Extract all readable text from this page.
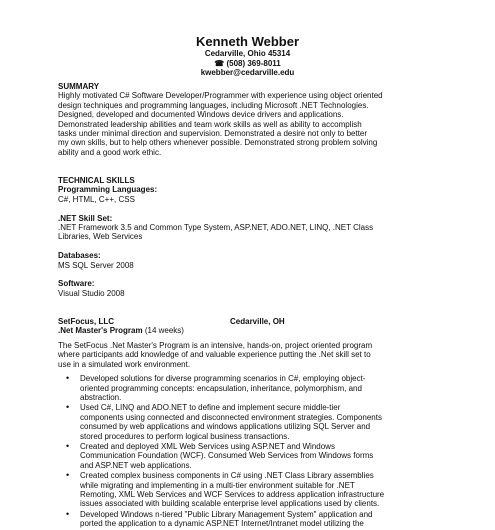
Kenneth Webber
Cedarville, Ohio 45314
☎ (508) 369-8011
kwebber@cedarville.edu
SUMMARY
Highly motivated C# Software Developer/Programmer with experience using object oriented
design techniques and programming languages, including Microsoft .NET Technologies.
Designed, developed and documented Windows device drivers and applications.
Demonstrated leadership abilities and team work skills as well as ability to accomplish
tasks under minimal direction and supervision. Demonstrated a desire not only to better
my own skills, but to help others whenever possible. Demonstrated strong problem solving
ability and a good work ethic.
TECHNICAL SKILLS
Programming Languages:
C#, HTML, C++, CSS
.NET Skill Set:
.NET Framework 3.5 and Common Type System, ASP.NET, ADO.NET, LINQ, .NET Class
Libraries, Web Services
Databases:
MS SQL Server 2008
Software:
Visual Studio 2008
SetFocus, LLC	Cedarville, OH
.Net Master's Program (14 weeks)
The SetFocus .Net Master's Program is an intensive, hands-on, project oriented program
where participants add knowledge of and valuable experience putting the .Net skill set to
use in a simulated work environment.
• Developed solutions for diverse programming scenarios in C#, employing object-
oriented programming concepts: encapsulation, inheritance, polymorphism, and
abstraction.
• Used C#, LINQ and ADO.NET to define and implement secure middle-tier
components using connected and disconnected environment strategies. Components
consumed by web applications and windows applications utilizing SQL Server and
stored procedures to perform logical business transactions.
• Created and deployed XML Web Services using ASP.NET and Windows
Communication Foundation (WCF). Consumed Web Services from Windows forms
and ASP.NET web applications.
• Created complex business components in C# using .NET Class Library assemblies
while migrating and implementing in a multi-tier environment suitable for .NET
Remoting, XML Web Services and WCF Services to address application infrastructure
issues associated with building scalable enterprise level applications used by clients.
• Developed Windows n-tiered "Public Library Management System" application and
ported the application to a dynamic ASP.NET Internet/Intranet model utilizing the
